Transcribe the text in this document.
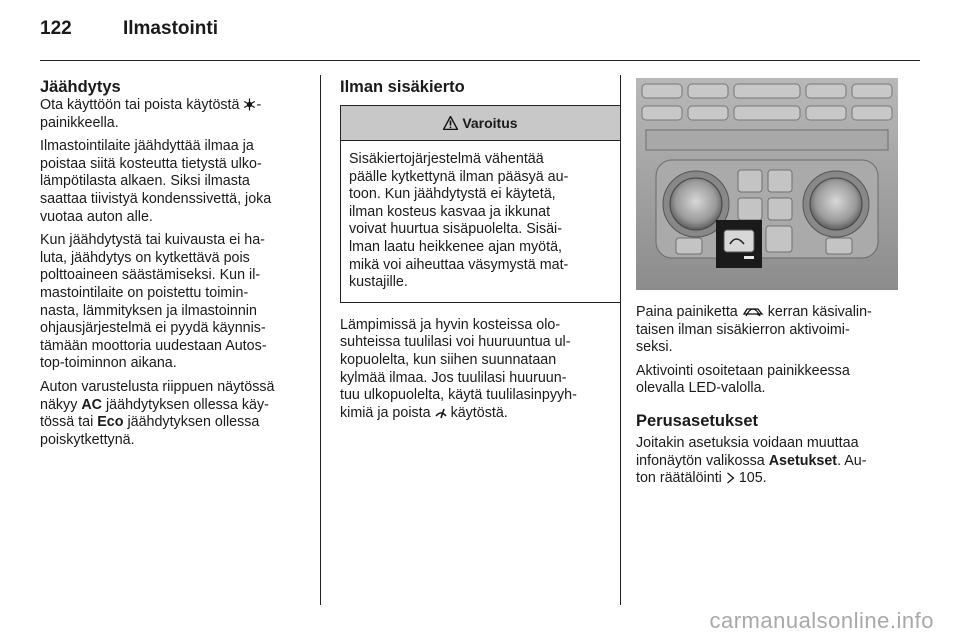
122	Ilmastointi
Jäähdytys

Ota käyttöön tai poista käytöstä -
painikkeella.

Ilmastointilaite jäähdyttää ilmaa ja
poistaa siitä kosteutta tietystä ulko-
lämpötilasta alkaen. Siksi ilmasta
saattaa tiivistyä kondenssivettä, joka
vuotaa auton alle.

Kun jäähdytystä tai kuivausta ei ha-
luta, jäähdytys on kytkettävä pois
polttoaineen säästämiseksi. Kun il-
mastointilaite on poistettu toimin-
nasta, lämmityksen ja ilmastoinnin
ohjausjärjestelmä ei pyydä käynnis-
tämään moottoria uudestaan Autos-
top-toiminnon aikana.

Auton varustelusta riippuen näytössä
näkyy AC jäähdytyksen ollessa käy-
tössä tai Eco jäähdytyksen ollessa
poiskytkettynä.

Ilman sisäkierto
Varoitus
Sisäkiertojärjestelmä vähentää
päälle kytkettynä ilman pääsyä au-
toon. Kun jäähdytystä ei käytetä,
ilman kosteus kasvaa ja ikkunat
voivat huurtua sisäpuolelta. Sisäi-
lman laatu heikkenee ajan myötä,
mikä voi aiheuttaa väsymystä mat-
kustajille.

Lämpimissä ja hyvin kosteissa olo-
suhteissa tuulilasi voi huuruuntua ul-
kopuolelta, kun siihen suunnataan
kylmää ilmaa. Jos tuulilasi huuruun-
tuu ulkopuolelta, käytä tuulilasinpyyh-
kimiä ja poista käytöstä.

Paina painiketta kerran käsivalin-
taisen ilman sisäkierron aktivoimi-
seksi.

Aktivointi osoitetaan painikkeessa
olevalla LED-valolla.

Perusasetukset

Joitakin asetuksia voidaan muuttaa
infonäytön valikossa Asetukset. Au-
ton räätälöinti 105.

carmanualsonline.info
